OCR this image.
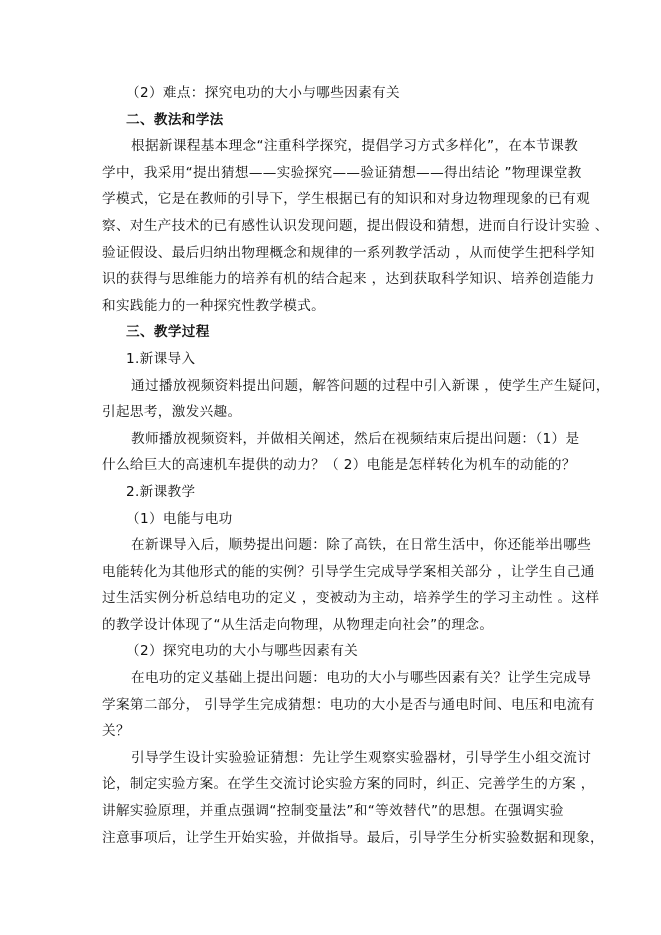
（2）难点：探究电功的大小与哪些因素有关
二、教法和学法
根据新课程基本理念“注重科学探究，提倡学习方式多样化”，在本节课教
学中，我采用“提出猜想——实验探究——验证猜想——得出结论 ”物理课堂教
学模式，它是在教师的引导下，学生根据已有的知识和对身边物理现象的已有观
察、对生产技术的已有感性认识发现问题，提出假设和猜想，进而自行设计实验 、
验证假设、最后归纳出物理概念和规律的一系列教学活动 ，从而使学生把科学知
识的获得与思维能力的培养有机的结合起来 ，达到获取科学知识、培养创造能力
和实践能力的一种探究性教学模式。
三、教学过程
1.新课导入
通过播放视频资料提出问题，解答问题的过程中引入新课 ，使学生产生疑问，
引起思考，激发兴趣。
教师播放视频资料，并做相关阐述，然后在视频结束后提出问题：（1）是
什么给巨大的高速机车提供的动力？（ 2）电能是怎样转化为机车的动能的？
2.新课教学
（1）电能与电功
在新课导入后，顺势提出问题：除了高铁，在日常生活中，你还能举出哪些
电能转化为其他形式的能的实例？引导学生完成导学案相关部分 ，让学生自己通
过生活实例分析总结电功的定义 ，变被动为主动，培养学生的学习主动性 。这样
的教学设计体现了“从生活走向物理，从物理走向社会”的理念。
（2）探究电功的大小与哪些因素有关
在电功的定义基础上提出问题：电功的大小与哪些因素有关？让学生完成导
学案第二部分， 引导学生完成猜想：电功的大小是否与通电时间、电压和电流有
关？
引导学生设计实验验证猜想：先让学生观察实验器材，引导学生小组交流讨
论，制定实验方案。在学生交流讨论实验方案的同时，纠正、完善学生的方案 ，
讲解实验原理，并重点强调“控制变量法”和“等效替代”的思想。在强调实验
注意事项后，让学生开始实验，并做指导。最后，引导学生分析实验数据和现象，
